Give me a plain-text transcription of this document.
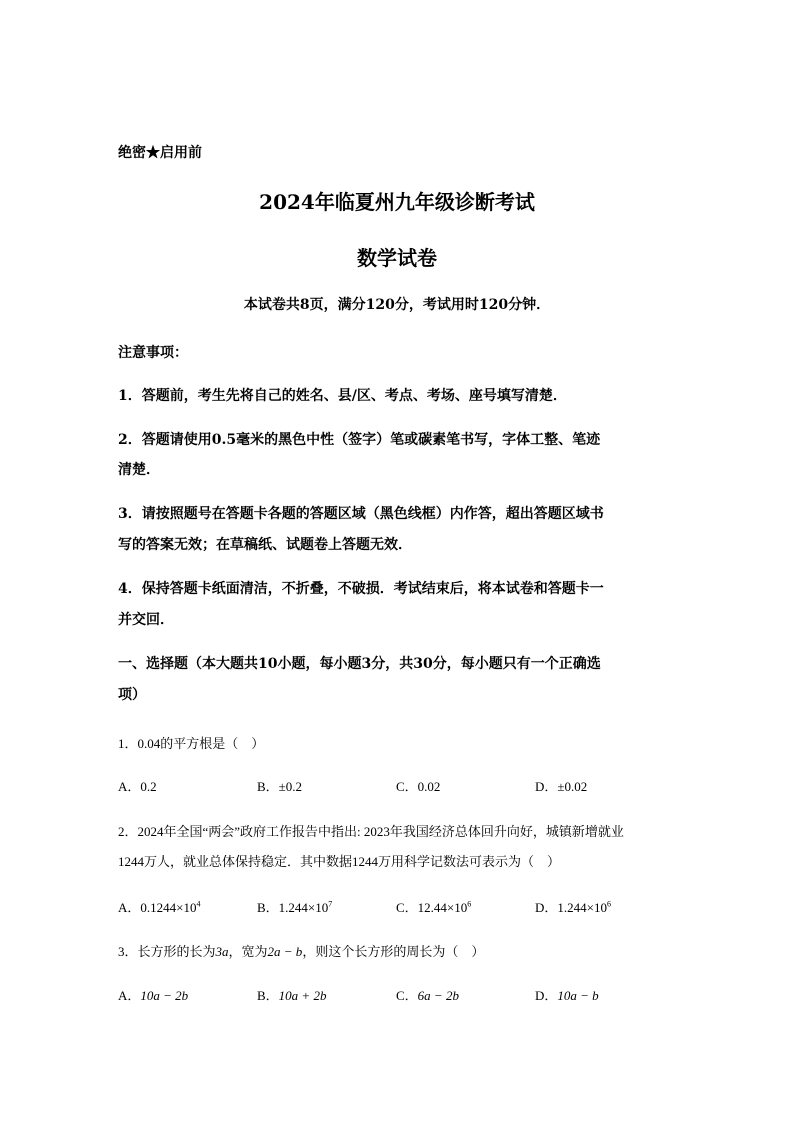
绝密★启用前
2024年临夏州九年级诊断考试
数学试卷
本试卷共8页，满分120分，考试用时120分钟．
注意事项：
1．答题前，考生先将自己的姓名、县/区、考点、考场、座号填写清楚．
2．答题请使用0.5毫米的黑色中性（签字）笔或碳素笔书写，字体工整、笔迹
清楚．
3．请按照题号在答题卡各题的答题区域（黑色线框）内作答，超出答题区域书
写的答案无效；在草稿纸、试题卷上答题无效．
4．保持答题卡纸面清洁，不折叠，不破损．考试结束后，将本试卷和答题卡一
并交回．
一、选择题（本大题共10小题，每小题3分，共30分，每小题只有一个正确选
项）
1．0.04的平方根是（　）
A．0.2	B．±0.2	C．0.02	D．±0.02
2．2024年全国“两会”政府工作报告中指出: 2023年我国经济总体回升向好，城镇新增就业
1244万人，就业总体保持稳定．其中数据1244万用科学记数法可表示为（　）
A．$0.1244\times 10^4$	B．$1.244\times 10^7$	C．$12.44\times 10^6$	D．$1.244\times 10^6$
3．长方形的长为3a，宽为2a − b，则这个长方形的周长为（　）
A．10a − 2b	B．10a + 2b	C．6a − 2b	D．10a − b
